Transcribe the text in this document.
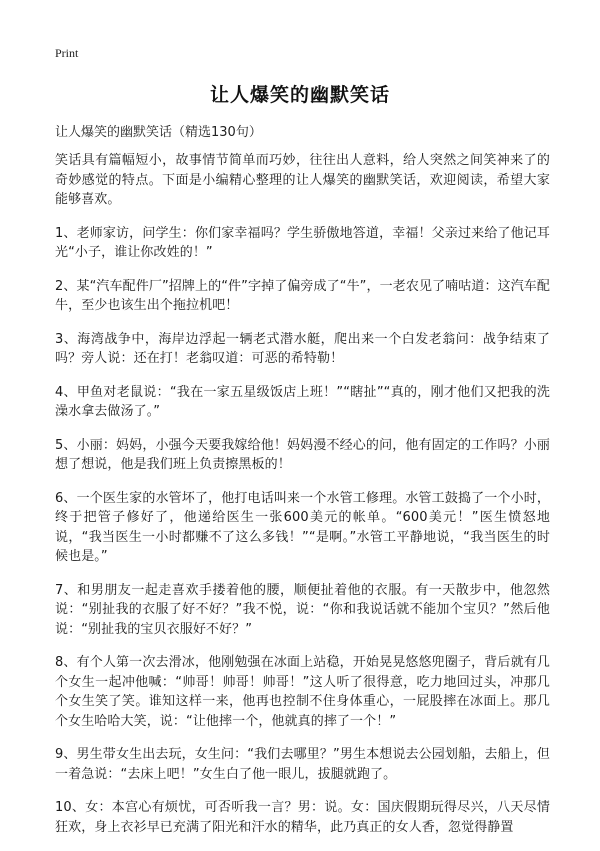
Print
让人爆笑的幽默笑话
让人爆笑的幽默笑话（精选130句）

笑话具有篇幅短小，故事情节简单而巧妙，往往出人意料，给人突然之间笑神来了的奇妙感觉的特点。下面是小编精心整理的让人爆笑的幽默笑话，欢迎阅读，希望大家能够喜欢。

1、老师家访，问学生：你们家幸福吗？学生骄傲地答道，幸福！父亲过来给了他记耳光“小子，谁让你改姓的！”

2、某“汽车配件厂”招牌上的“件”字掉了偏旁成了“牛”，一老农见了喃咕道：这汽车配牛，至少也该生出个拖拉机吧！

3、海湾战争中，海岸边浮起一辆老式潜水艇，爬出来一个白发老翁问：战争结束了吗？旁人说：还在打！老翁叹道：可恶的希特勒！

4、甲鱼对老鼠说：“我在一家五星级饭店上班！”“瞎扯”“真的，刚才他们又把我的洗澡水拿去做汤了。”

5、小丽：妈妈，小强今天要我嫁给他！妈妈漫不经心的问，他有固定的工作吗？小丽想了想说，他是我们班上负责擦黑板的！

6、一个医生家的水管坏了，他打电话叫来一个水管工修理。水管工鼓捣了一个小时，终于把管子修好了，他递给医生一张600美元的帐单。“600美元！”医生愤怒地说，“我当医生一小时都赚不了这么多钱！”“是啊。”水管工平静地说，“我当医生的时候也是。”

7、和男朋友一起走喜欢手搂着他的腰，顺便扯着他的衣服。有一天散步中，他忽然说：“别扯我的衣服了好不好？”我不悦，说：“你和我说话就不能加个宝贝？”然后他说：“别扯我的宝贝衣服好不好？”

8、有个人第一次去滑冰，他刚勉强在冰面上站稳，开始晃晃悠悠兜圈子，背后就有几个女生一起冲他喊：“帅哥！帅哥！帅哥！”这人听了很得意，吃力地回过头，冲那几个女生笑了笑。谁知这样一来，他再也控制不住身体重心，一屁股摔在冰面上。那几个女生哈哈大笑，说：“让他摔一个，他就真的摔了一个！”

9、男生带女生出去玩，女生问：“我们去哪里？”男生本想说去公园划船，去船上，但一着急说：“去床上吧！”女生白了他一眼儿，拔腿就跑了。

10、女：本宫心有烦忧，可否听我一言？男：说。女：国庆假期玩得尽兴，八天尽情狂欢，身上衣衫早已充满了阳光和汗水的精华，此乃真正的女人香，忽觉得静置
